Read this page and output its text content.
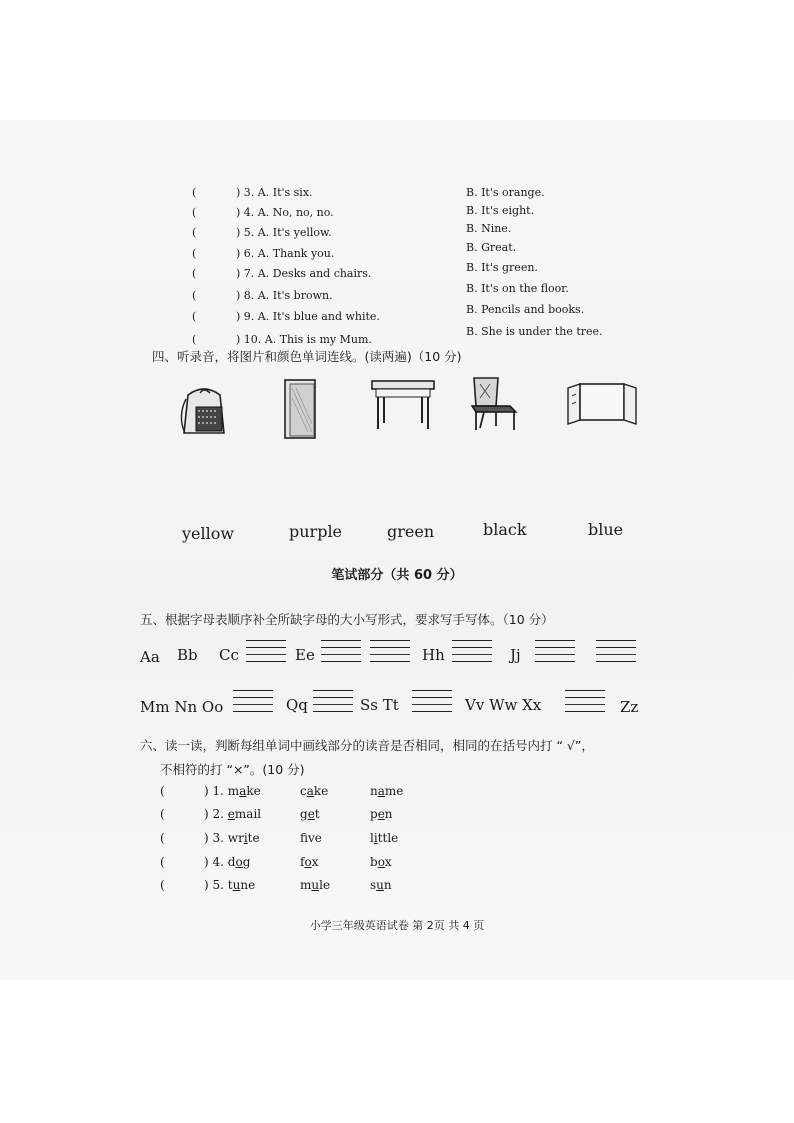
(	) 3. A. It's six.	B. It's orange.
(	) 4. A. No, no, no.	B. It's eight.
(	) 5. A. It's yellow.	B. Nine.
(	) 6. A. Thank you.	B. Great.
(	) 7. A. Desks and chairs.	B. It's green.
(	) 8. A. It's brown.
B. It's on the floor.
(	) 9. A. It's blue and white.
B. Pencils and books.
(	) 10. A. This is my Mum.
B. She is under the tree.
四、听录音，将图片和颜色单词连线。(读两遍)（10 分)
yellow	purple	green	black	blue
笔试部分（共 60 分）
五、根据字母表顺序补全所缺字母的大小写形式，要求写手写体。（10 分）
Aa Bb Cc	Ee	Hh	Jj
Mm Nn Oo	Qq	Ss Tt	Vv Ww Xx	Zz
六、读一读，判断每组单词中画线部分的读音是否相同，相同的在括号内打 “ √”，
不相符的打 “×”。(10 分)
(	) 1. make	cake	name
(	) 2. email	get	pen
(	) 3. write	fve	little
(	) 4. dog	fox	box
(	) 5. tune	mule	sun
小学三年级英语试卷 第 2页 共 4 页
